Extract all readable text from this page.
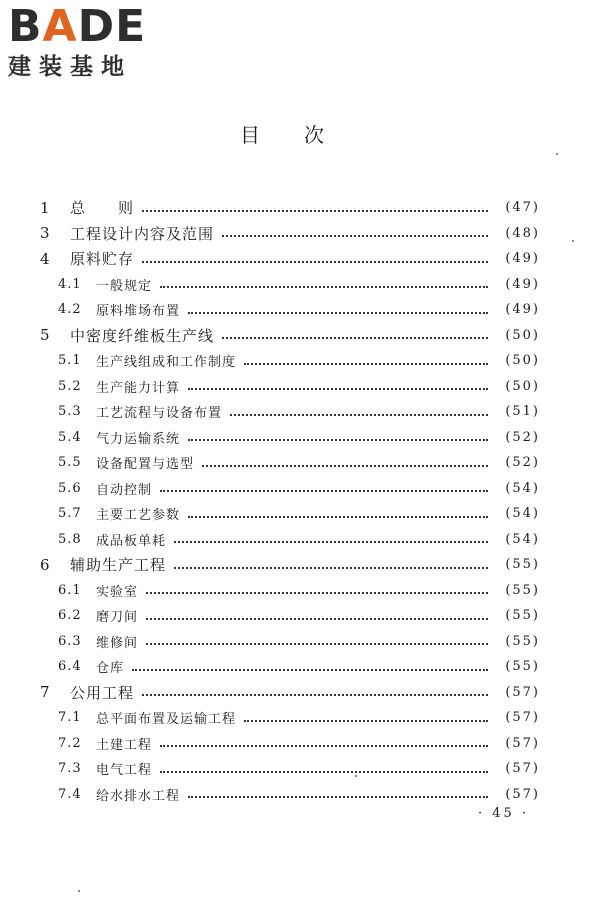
BADE
建装基地
目次
1	总　　则	(47)
3	工程设计内容及范围	(48)
4	原料贮存	(49)
4.1	一般规定	(49)
4.2	原料堆场布置	(49)
5	中密度纤维板生产线	(50)
5.1	生产线组成和工作制度	(50)
5.2	生产能力计算	(50)
5.3	工艺流程与设备布置	(51)
5.4	气力运输系统	(52)
5.5	设备配置与选型	(52)
5.6	自动控制	(54)
5.7	主要工艺参数	(54)
5.8	成品板单耗	(54)
6	辅助生产工程	(55)
6.1	实验室	(55)
6.2	磨刀间	(55)
6.3	维修间	(55)
6.4	仓库	(55)
7	公用工程	(57)
7.1	总平面布置及运输工程	(57)
7.2	土建工程	(57)
7.3	电气工程	(57)
7.4	给水排水工程	(57)
· 45 ·
